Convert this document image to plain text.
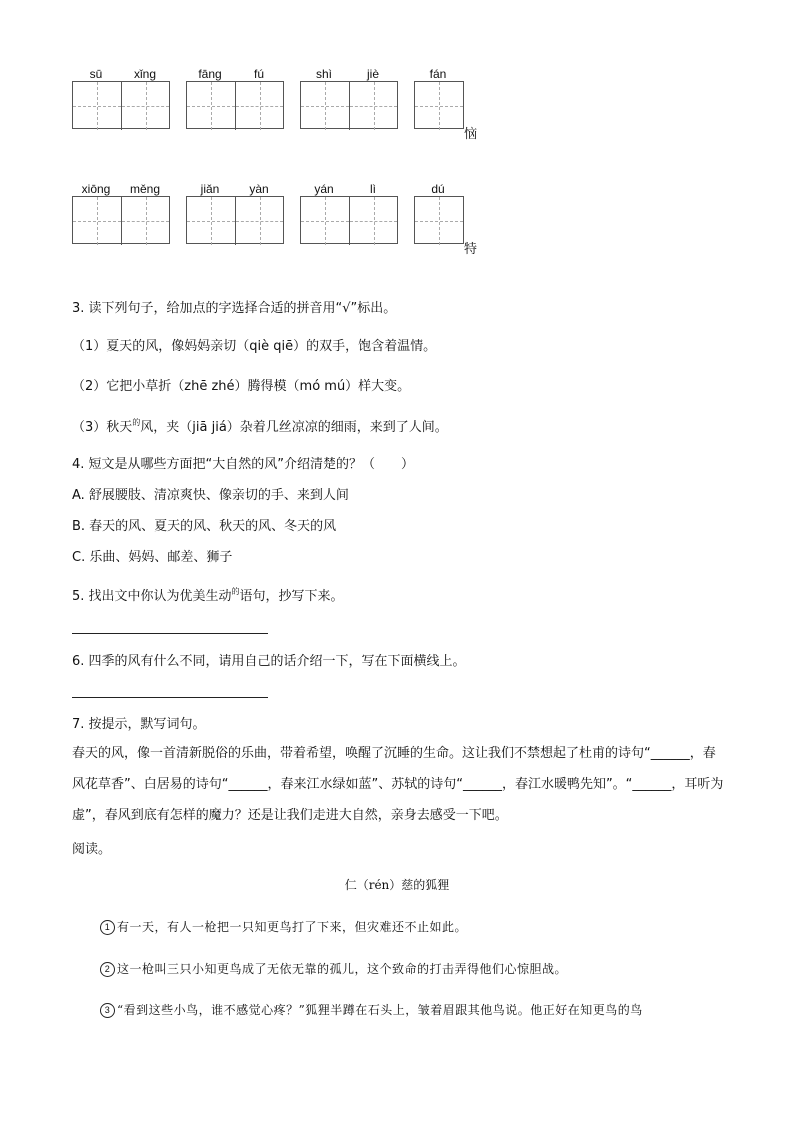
sū	xǐng	fāng	fú	shì	jiè	fán
恼
xiōng	měng	jiǎn	yàn	yán	lì	dú
特
3. 读下列句子，给加点的字选择合适的拼音用“√”标出。
（1）夏天的风，像妈妈亲切（qiè qiē）的双手，饱含着温情。
（2）它把小草折（zhē zhé）腾得模（mó mú）样大变。
（3）秋天$^的$风，夹（jiā jiá）杂着几丝凉凉的细雨，来到了人间。
4. 短文是从哪些方面把“大自然的风”介绍清楚的？（　　）
A. 舒展腰肢、清凉爽快、像亲切的手、来到人间
B. 春天的风、夏天的风、秋天的风、冬天的风
C. 乐曲、妈妈、邮差、狮子
5. 找出文中你认为优美生动$^的$语句，抄写下来。
6. 四季的风有什么不同，请用自己的话介绍一下，写在下面横线上。
7. 按提示，默写词句。
春天的风，像一首清新脱俗的乐曲，带着希望，唤醒了沉睡的生命。这让我们不禁想起了杜甫的诗句“______，春风花草香”、白居易的诗句“______，春来江水绿如蓝”、苏轼的诗句“______，春江水暖鸭先知”。“______，耳听为虚”，春风到底有怎样的魔力？还是让我们走进大自然，亲身去感受一下吧。
阅读。
仁（rén）慈的狐狸
1 有一天，有人一枪把一只知更鸟打了下来，但灾难还不止如此。
2 这一枪叫三只小知更鸟成了无依无靠的孤儿，这个致命的打击弄得他们心惊胆战。
3 “看到这些小鸟，谁不感觉心疼？”狐狸半蹲在石头上，皱着眉跟其他鸟说。他正好在知更鸟的鸟
